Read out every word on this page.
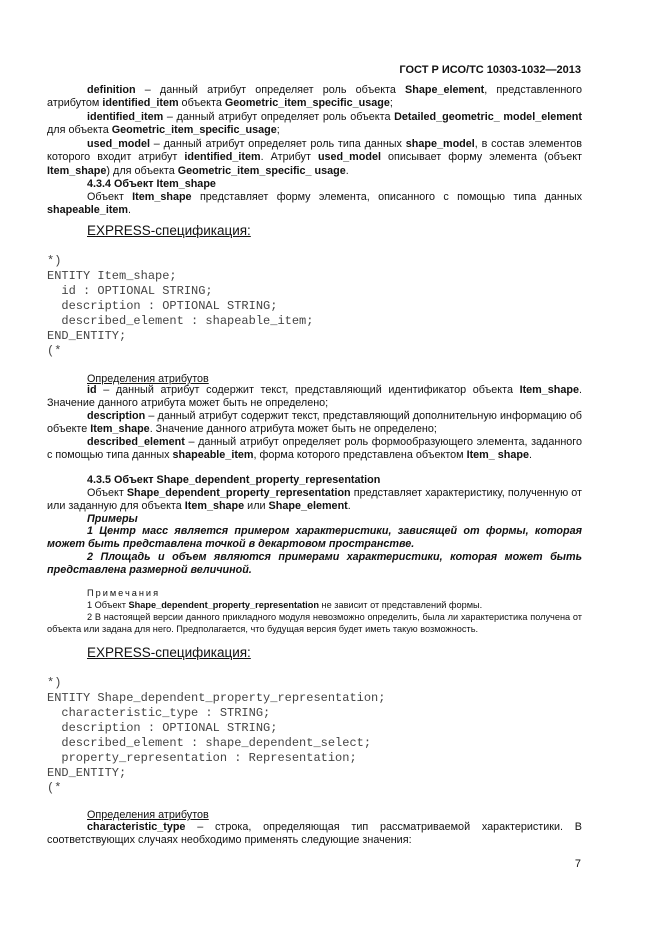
ГОСТ Р ИСО/ТС 10303-1032—2013

definition – данный атрибут определяет роль объекта Shape_element, представленного атрибутом identified_item объекта Geometric_item_specific_usage;

identified_item – данный атрибут определяет роль объекта Detailed_geometric_ model_element для объекта Geometric_item_specific_usage;

used_model – данный атрибут определяет роль типа данных shape_model, в состав элементов которого входит атрибут identified_item. Атрибут used_model описывает форму элемента (объект Item_shape) для объекта Geometric_item_specific_ usage.

4.3.4 Объект Item_shape

Объект Item_shape представляет форму элемента, описанного с помощью типа данных shapeable_item.

EXPRESS-спецификация:
*)
ENTITY Item_shape;
id : OPTIONAL STRING;
description : OPTIONAL STRING;
described_element : shapeable_item;
END_ENTITY;
(*
Определения атрибутов

id – данный атрибут содержит текст, представляющий идентификатор объекта Item_shape. Значение данного атрибута может быть не определено;

description – данный атрибут содержит текст, представляющий дополнительную информацию об объекте Item_shape. Значение данного атрибута может быть не определено;

described_element – данный атрибут определяет роль формообразующего элемента, заданного с помощью типа данных shapeable_item, форма которого представлена объектом Item_ shape.

4.3.5 Объект Shape_dependent_property_representation

Объект Shape_dependent_property_representation представляет характеристику, полученную от или заданную для объекта Item_shape или Shape_element.

Примеры

1 Центр масс является примером характеристики, зависящей от формы, которая может быть представлена точкой в декартовом пространстве.

2 Площадь и объем являются примерами характеристики, которая может быть представлена размерной величиной.

Примечания

1 Объект Shape_dependent_property_representation не зависит от представлений формы.

2 В настоящей версии данного прикладного модуля невозможно определить, была ли характеристика получена от объекта или задана для него. Предполагается, что будущая версия будет иметь такую возможность.

EXPRESS-спецификация:
*)
ENTITY Shape_dependent_property_representation;
characteristic_type : STRING;
description : OPTIONAL STRING;
described_element : shape_dependent_select;
property_representation : Representation;
END_ENTITY;
(*
Определения атрибутов

characteristic_type – строка, определяющая тип рассматриваемой характеристики. В соответствующих случаях необходимо применять следующие значения:

7
